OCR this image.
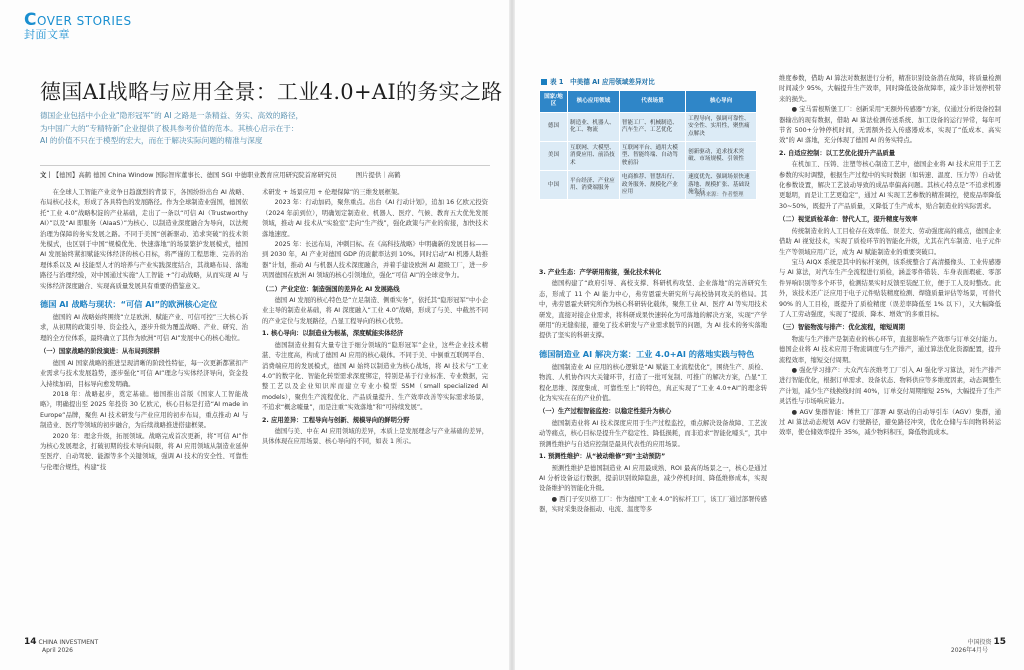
COVER STORIES
封面文章
德国AI战略与应用全景：工业4.0+AI的务实之路

德国企业包括中小企业“隐形冠军”的 AI 之路是一条精益、务实、高效的路径，

为中国广大的“专精特新”企业提供了极具参考价值的范本。其核心启示在于：

AI 的价值不只在于模型的宏大，而在于解决实际问题的精准与深度

文｜【德国】高鹤 德国 China Window 国际智库董事长、德国 SGI 中德职业教育应用研究院首席研究员　　　	图片提供｜高鹤

在全球人工智能产业竞争日趋激烈的背景下，各国纷纷出台 AI 战略、布局核心技术，形成了各具特色的发展路径。作为全球制造业强国，德国依托“工业 4.0”战略积淀的产业基础，走出了一条以“可信 AI（Trustworthy AI）”以及“AI 即服务（AIaaS）”为核心、以制造业深度融合为导向，以法规治理为保障的务实发展之路。不同于美国“创新驱动、追求突破”的技术领先模式，也区别于中国“规模优先、快速落地”的场景繁护发展模式，德国 AI 发展始终紧扣赋能实体经济的核心目标，将严谨的工程思维、完善的治理体系以及 AI 技能型人才的培养与产业实践深度结合，其战略布局、落地路径与治理经验，对中国通过实施“人工智能 +”行动战略，从而实现 AI 与实体经济深度融合、实现高质量发展具有重要的借鉴意义。

德国 AI 战略与现状：“可信 AI”的欧洲核心定位

德国的 AI 战略始终围绕“立足欧洲、赋能产业、可信可控”三大核心诉求，从初期的政策引导、资金投入，逐步升级为覆盖战略、产业、研究、治理的全方位体系，最终确立了其作为欧洲“可信 AI”发展中心的核心地位。

（一）国家战略的阶段演进：从布局到深耕

德国 AI 国家战略的推进呈现清晰的阶段性特征，每一次更新都紧扣产业需求与技术发展趋势，逐步强化“可信 AI”理念与实体经济导向，资金投入持续加码，目标导向愈发明确。

2018 年：战略起步，奠定基础。德国推出首版《国家人工智能战略》，明确提出至 2025 年投资 30 亿欧元，核心目标是打造“AI made in Europe”品牌，聚焦 AI 技术研发与产业应用的初步布局，重点推动 AI 与制造业、医疗等领域的初步融合，为后续战略推进搭建框架。

2020 年：理念升级，拓展领域。战略完成首次更新，将“可信 AI”作为核心发展理念，打破初期的技术导向局限，将 AI 应用领域从制造业延伸至医疗、自动驾驶、能源等多个关键领域，强调 AI 技术的安全性、可靠性与伦理合规性，构建“技

术研发 + 场景应用 + 伦理保障”的三维发展框架。

2023 年：行动加码，聚焦重点。出台《AI 行动计划》，追加 16 亿欧元投资（2024 年前到位），明确划定制造业、机器人、医疗、气候、教育五大优先发展领域，推动 AI 技术从“实验室”走向“生产线”，强化政策与产业的衔接，加快技术落地速度。

2025 年：长远布局，冲刺目标。在《高科技战略》中明确新的发展目标——到 2030 年，AI 产业对德国 GDP 的贡献率达到 10%。同时启动“AI 机器人助推器”计划，推动 AI 与机器人技术深度融合，并着手建设欧洲 AI 超级工厂，进一步巩固德国在欧洲 AI 领域的核心引领地位，强化“可信 AI”的全球竞争力。

（二）产业定位：制造强国的差异化 AI 发展路线

德国 AI 发展的核心特色是“立足制造、侧重实务”，依托其“隐形冠军”中小企业主导的制造业基础，将 AI 深度融入“工业 4.0”战略，形成了与美、中截然不同的产业定位与发展路径，凸显工程导向的核心优势。

1. 核心导向：以制造业为根基，深度赋能实体经济

德国制造业拥有大量专注于细分领域的“隐形冠军”企业，这些企业技术精湛、专注度高，构成了德国 AI 应用的核心载体。不同于美、中倒重互联网平台、消费端应用的发展模式，德国 AI 始终以制造业为核心战场，将 AI 技术与“工业 4.0”的数字化、智能化转型需求深度绑定，特别是基于行业标准、专业数据，完整工艺以及企业知识库而建立专业小模型 SSM（small specialized AI models），聚焦生产流程优化、产品质量提升、生产效率改善等实际需求场景，不追求“概念噱量”，而是注重“实效落地”和“可持续发展”。

2. 应用差异：工程导向与创新、规模导向的鲜明分野

德国与美、中在 AI 应用领域的差异，本质上是发展理念与产业基础的差异，具体体现在应用场景、核心导向的不同，如表 1 所示。

14 CHINA INVESTMENT
April 2026
表 1　中美德 AI 应用领域差异对比
国家/地区	核心应用领域	代表场景	核心导向
德国	制造业、机器人、化工、物流	智能工厂、机械制造、汽车生产、工艺优化	工程导向，强调可靠性、安全性、实用性，聚焦痛点解决
美国	互联网、大模型、消费应用、前沿技术	互联网平台、通用大模型、智能终端、自动驾驶前沿	创新驱动，追求技术突破、市场规模、引领性
中国	平台经济、产业应用、消费端服务	电商推荐、智慧出行、政务服务、规模化产业应用	速度优先、强调场景快速落地、规模扩张、基础设施先行
资料来源：作者整理
3. 产业生态：产学研用衔接，强化技术转化

德国构建了“政府引导、高校支撑、科研机构攻坚、企业落地”的完善研究生态，形成了 11 个 AI 能力中心，弗劳恩霍夫研究所与高校协同攻关的格局。其中，弗劳恩霍夫研究所作为核心科研转化载体，聚焦工业 AI、医疗 AI 等实用技术研发，直接对接企业需求，将科研成果快速转化为可落地的解决方案，实现“产学研用”的无缝衔接，避免了技术研发与产业需求脱节的问题，为 AI 技术的务实落地提供了坚实的科研支撑。

德国制造业 AI 解决方案：工业 4.0+AI 的落地实践与特色

德国制造业 AI 应用的核心逻辑是“AI 赋能工业流程优化”，围绕生产、质检、物流、人机协作四大关键环节，打造了一批可复制、可推广的解决方案，凸显“工程化思维、深度集成、可靠性至上”的特色，真正实现了“工业 4.0+AI”的理念转化为实实在在的产业价值。

（一）生产过程智能监控：以稳定性提升为核心

德国制造业将 AI 技术深度应用于生产过程监控，重点解决设备故障、工艺波动等痛点，核心目标是提升生产稳定性、降低损耗，而非追求“智能化噱头”，其中预测性维护与自适应控制是最具代表性的应用场景。

1. 预测性维护：从“被动维修”到“主动预防”

预测性维护是德国制造业 AI 应用最成熟、ROI 最高的场景之一，核心是通过 AI 分析设备运行数据，提前识别故障隐患，减少停机时间、降低维修成本，实现设备维护的智能化升级。

● 西门子安贝格工厂：作为德国“工业 4.0”的标杆工厂，该工厂通过部署传感器，实时采集设备振动、电流、温度等多

维度参数，借助 AI 算法对数据进行分析，精准识别设备潜在故障，将质量检测时间减少 95%，大幅提升生产效率，同时降低设备故障率，减少非计划停机带来的损失。

● 宝马雷根斯堡工厂：创新采用“无额外传感器”方案，仅通过分析设备控制器输出的现有数据，借助 AI 算法检测传送系统、加工设备的运行异常，每年可节省 500+分钟停机时间，无需额外投入传感器成本，实现了“低成本、高实效”的 AI 落地，充分体现了德国 AI 的务实特点。

2. 自适应控制：以工艺优化提升产品质量

在机加工、压铸、注塑等核心制造工艺中，德国企业将 AI 技术应用于工艺参数的实时调整，根据生产过程中的实时数据（如转速、温度、压力等）自动优化参数设置，解决工艺波动导致的成品率偏高问题。其核心特点是“不追求机器更聪明，而是让工艺更稳定”，通过 AI 实现工艺参数的精准调控，使废品率降低 30~50%，既提升了产品质量，又降低了生产成本，贴合制造业的实际需求。

（二）视觉质检革命：替代人工，提升精度与效率

传统制造业的人工目检存在效率低、误差大、劳动强度高的痛点，德国企业借助 AI 视觉技术，实现了质检环节的智能化升级，尤其在汽车制造、电子元件生产等领域应用广泛，成为 AI 赋能制造业的重要突破口。

宝马 AIQX 系统是其中的标杆案例，该系统整合了高清摄像头、工业传感器与 AI 算法，对汽车生产全流程进行质检，涵盖零件错装、车身表面瑕疵、零部件异响识别等多个环节，检测结果实时反馈至装配工位，便于工人及时整改。此外，该技术还广泛应用于电子元件贴装精度检测、焊缝质量评估等场景，可替代 90% 的人工目检，既提升了质检精度（误差率降低至 1% 以下），又大幅降低了人工劳动强度，实现了“提质、降本、增效”的多重目标。

（三）智能物流与排产：优化流程，缩短周期

物流与生产排产是制造业的核心环节，直接影响生产效率与订单交付能力。德国企业将 AI 技术应用于物流调度与生产排产，通过算法优化资源配置，提升流程效率，缩短交付周期。

● 强化学习排产：大众汽车茨维考工厂引入 AI 强化学习算法，对生产排产进行智能优化，根据订单需求、设备状态、物料供应等多维度因素，动态调整生产计划，减少生产线换线时间 40%，订单交付周期缩短 25%，大幅提升了生产灵活性与市场响应能力。

● AGV 集群智能：博世工厂部署 AI 驱动的自动导引车（AGV）集群，通过 AI 算法动态规划 AGV 行驶路径，避免路径冲突，优化仓储与车间物料转运效率，使仓储效率提升 35%，减少物料积压，降低物流成本。

中国投资 15
2026年4月号
